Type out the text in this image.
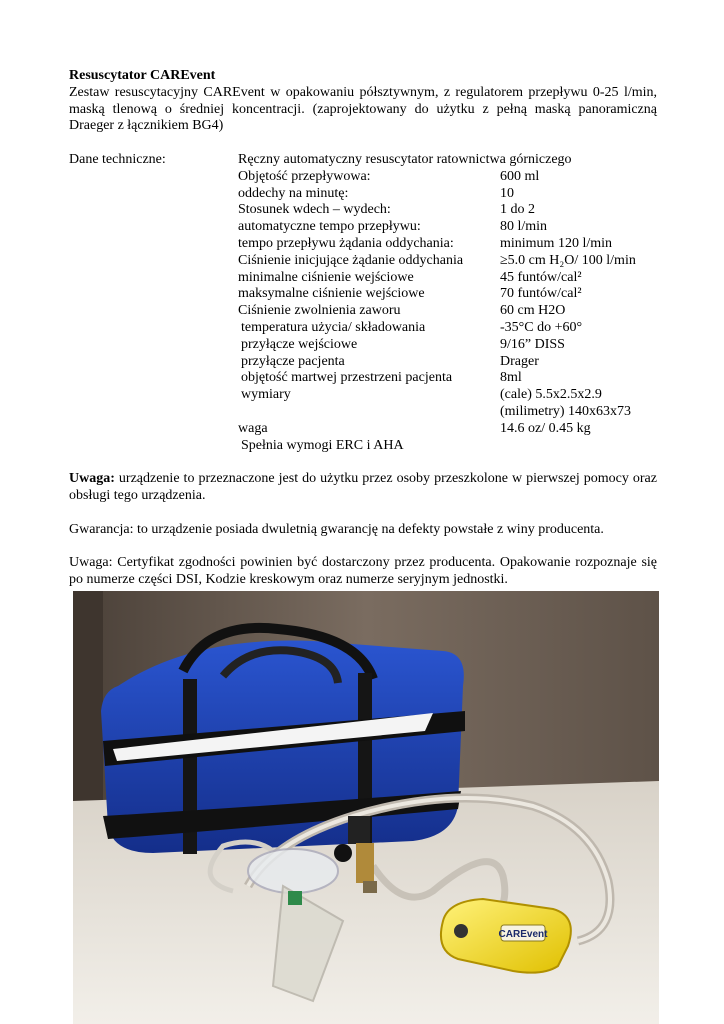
Resuscytator CAREvent

Zestaw resuscytacyjny CAREvent w opakowaniu półsztywnym, z regulatorem przepływu 0-25 l/min, maską tlenową o średniej koncentracji. (zaprojektowany do użytku z pełną maską panoramiczną Draeger z łącznikiem BG4)

Dane techniczne:	Ręczny automatyczny resuscytator ratownictwa górniczego
Objętość przepływowa:	600 ml
oddechy na minutę:	10
Stosunek wdech – wydech:	1 do 2
automatyczne tempo przepływu:	80 l/min
tempo przepływu żądania oddychania:	minimum 120 l/min
Ciśnienie inicjujące żądanie oddychania	≥5.0 cm H₂O/ 100 l/min
minimalne ciśnienie wejściowe	45 funtów/cal²
maksymalne ciśnienie wejściowe	70 funtów/cal²
Ciśnienie zwolnienia zaworu	60 cm H2O
temperatura użycia/ składowania	-35°C do +60°
przyłącze wejściowe	9/16” DISS
przyłącze pacjenta	Drager
objętość martwej przestrzeni pacjenta	8ml
wymiary	(cale) 5.5x2.5x2.9
(milimetry) 140x63x73
waga	14.6 oz/ 0.45 kg
Spełnia wymogi ERC i AHA

Uwaga: urządzenie to przeznaczone jest do użytku przez osoby przeszkolone w pierwszej pomocy oraz obsługi tego urządzenia.

Gwarancja: to urządzenie posiada dwuletnią gwarancję na defekty powstałe z winy producenta.

Uwaga: Certyfikat zgodności powinien być dostarczony przez producenta. Opakowanie rozpoznaje się po numerze części DSI, Kodzie kreskowym oraz numerze seryjnym jednostki.

CAREvent
